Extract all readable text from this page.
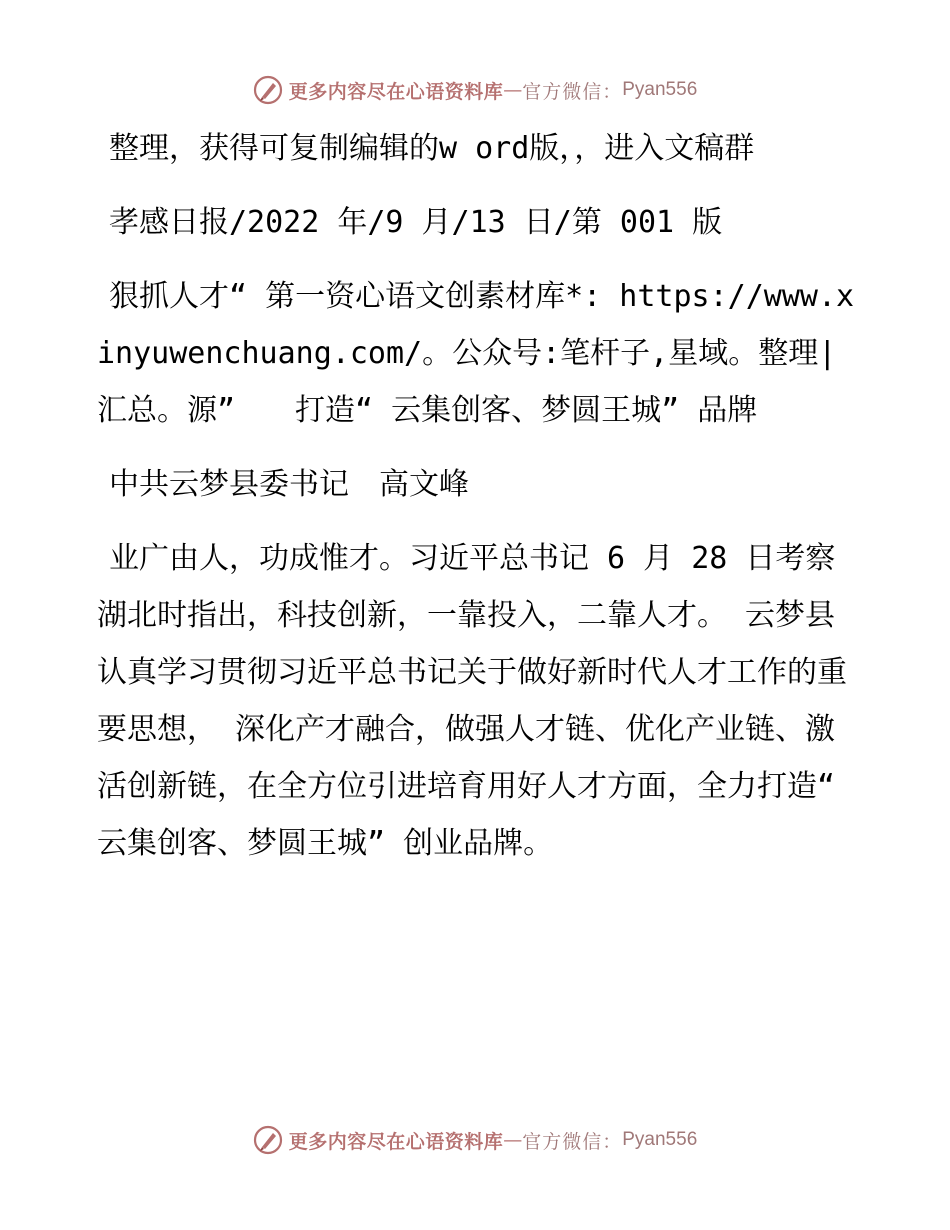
更多内容尽在心语资料库 — 官方微信： Pyan556

整理，获得可复制编辑的w ord版，，进入文稿群

孝感日报/2022 年/9 月/13 日/第 001 版

狠抓人才“ 第一资心语文创素材库*: https://www.xinyuwenchuang.com/。公众号:笔杆子,星域。整理|汇总。源”　　打造“ 云集创客、梦圆王城” 品牌

中共云梦县委书记　高文峰

业广由人，功成惟才。习近平总书记 6 月 28 日考察湖北时指出，科技创新，一靠投入，二靠人才。 云梦县认真学习贯彻习近平总书记关于做好新时代人才工作的重要思想， 深化产才融合，做强人才链、优化产业链、激活创新链，在全方位引进培育用好人才方面，全力打造“ 云集创客、梦圆王城” 创业品牌。

更多内容尽在心语资料库 — 官方微信： Pyan556
